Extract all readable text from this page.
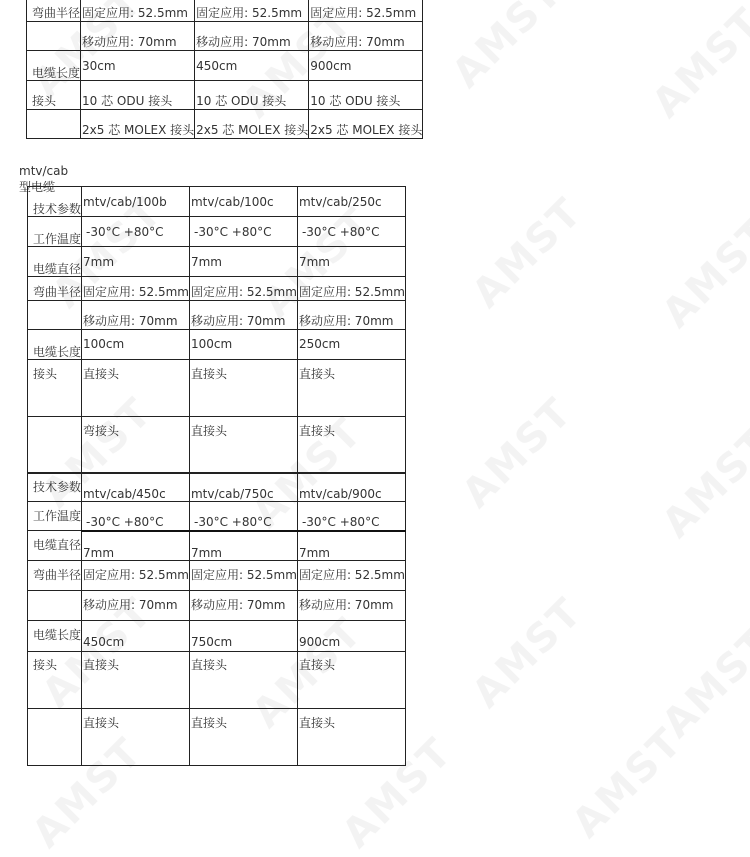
弯曲半径	固定应用: 52.5mm	固定应用: 52.5mm	固定应用: 52.5mm

	移动应用: 70mm	移动应用: 70mm	移动应用: 70mm

电缆长度	30cm	450cm	900cm

接头	10 芯 ODU 接头	10 芯 ODU 接头	10 芯 ODU 接头

	2x5 芯 MOLEX 接头	2x5 芯 MOLEX 接头	2x5 芯 MOLEX 接头
mtv/cab 型电缆
技术参数	mtv/cab/100b	mtv/cab/100c	mtv/cab/250c

工作温度	-30°C +80°C	-30°C +80°C	-30°C +80°C

电缆直径	7mm	7mm	7mm

弯曲半径	固定应用: 52.5mm	固定应用: 52.5mm	固定应用: 52.5mm

	移动应用: 70mm	移动应用: 70mm	移动应用: 70mm

电缆长度	100cm	100cm	250cm

接头	直接头	直接头	直接头

	弯接头	直接头	直接头
技术参数	mtv/cab/450c	mtv/cab/750c	mtv/cab/900c

工作温度	-30°C +80°C	-30°C +80°C	-30°C +80°C

电缆直径	7mm	7mm	7mm

弯曲半径	固定应用: 52.5mm	固定应用: 52.5mm	固定应用: 52.5mm

	移动应用: 70mm	移动应用: 70mm	移动应用: 70mm

电缆长度	450cm	750cm	900cm

接头	直接头	直接头	直接头

	直接头	直接头	直接头
